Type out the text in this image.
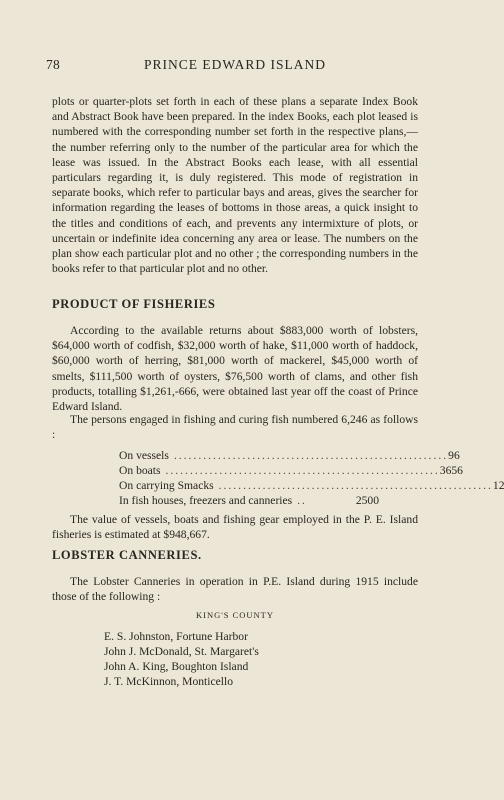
78	PRINCE EDWARD ISLAND

plots or quarter-plots set forth in each of these plans a separate Index Book and Abstract Book have been prepared. In the index Books, each plot leased is numbered with the corresponding number set forth in the respective plans,—the number referring only to the number of the particular area for which the lease was issued. In the Abstract Books each lease, with all essential particulars regarding it, is duly registered. This mode of registration in separate books, which refer to particular bays and areas, gives the searcher for information regarding the leases of bottoms in those areas, a quick insight to the titles and conditions of each, and prevents any intermixture of plots, or uncertain or indefinite idea concerning any area or lease. The numbers on the plan show each particular plot and no other ; the corresponding numbers in the books refer to that particular plot and no other.

PRODUCT OF FISHERIES

According to the available returns about $883,000 worth of lobsters, $64,000 worth of codfish, $32,000 worth of hake, $11,000 worth of haddock, $60,000 worth of herring, $81,000 worth of mackerel, $45,000 worth of smelts, $111,500 worth of oysters, $76,500 worth of clams, and other fish products, totalling $1,261,-666, were obtained last year off the coast of Prince Edward Island.

The persons engaged in fishing and curing fish numbered 6,246 as follows :

On vessels ........................................................ 96
On boats ........................................................ 3656
On carrying Smacks ........................................................ 12
In fish houses, freezers and canneries ..	2500

The value of vessels, boats and fishing gear employed in the P. E. Island fisheries is estimated at $948,667.

LOBSTER CANNERIES.

The Lobster Canneries in operation in P.E. Island during 1915 include those of the following :

KING'S COUNTY

E. S. Johnston, Fortune Harbor
John J. McDonald, St. Margaret's
John A. King, Boughton Island
J. T. McKinnon, Monticello
